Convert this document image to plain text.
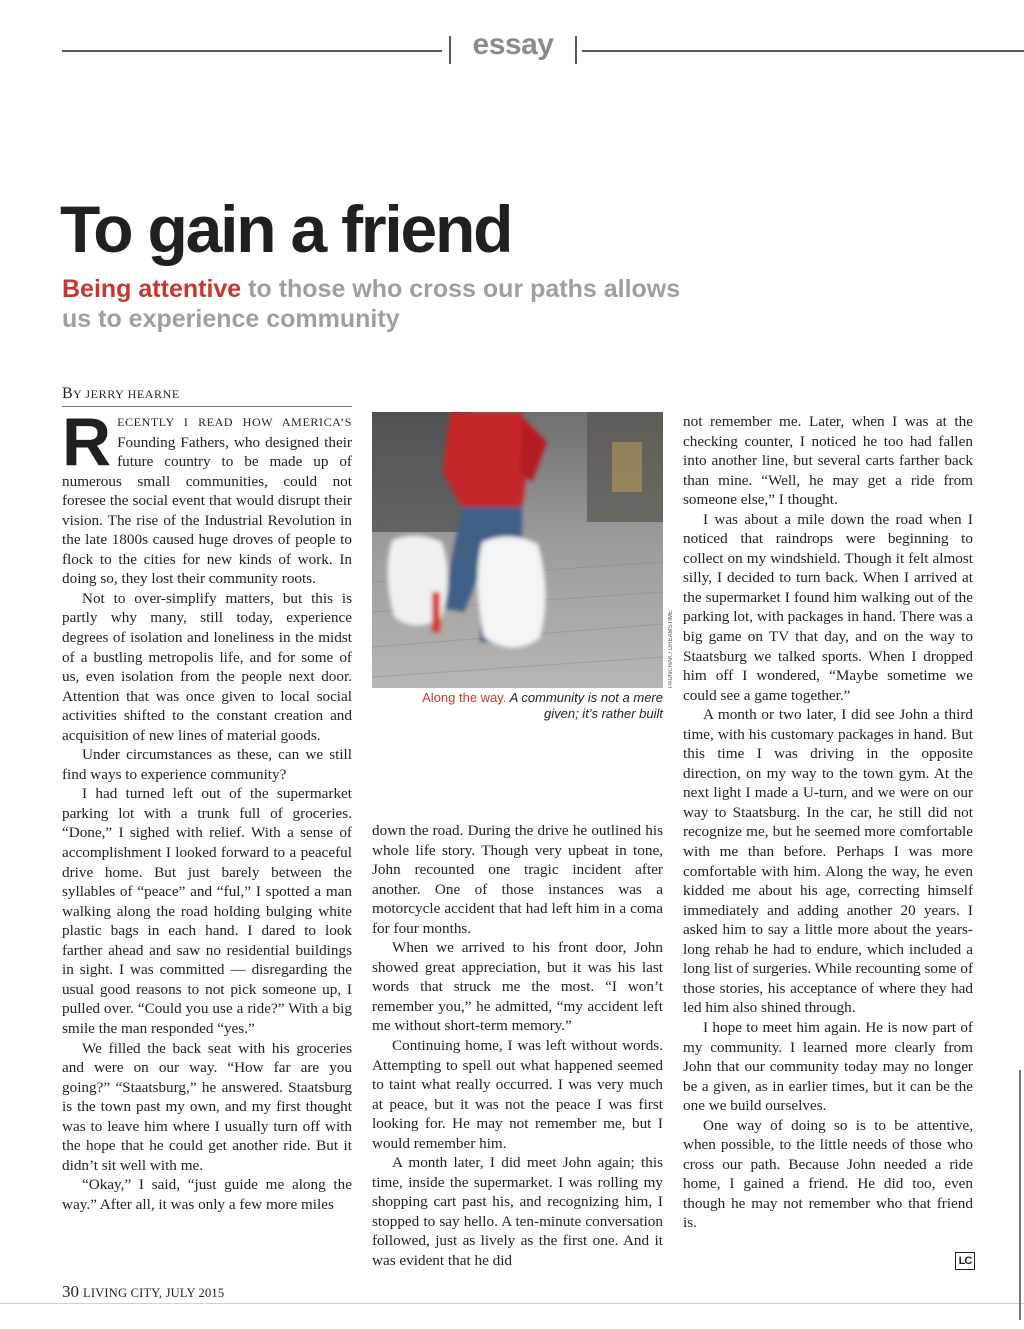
essay
To gain a friend
Being attentive to those who cross our paths allows us to experience community
BY JERRY HEARNE

RECENTLY I READ HOW AMERICA’S Founding Fathers, who designed their future country to be made up of numerous small communities, could not foresee the social event that would disrupt their vision. The rise of the Industrial Revolution in the late 1800s caused huge droves of people to flock to the cities for new kinds of work. In doing so, they lost their community roots.

Not to over-simplify matters, but this is partly why many, still today, experience degrees of isolation and loneliness in the midst of a bustling metropolis life, and for some of us, even isolation from the people next door. Attention that was once given to local social activities shifted to the constant creation and acquisition of new lines of material goods.

Under circumstances as these, can we still find ways to experience community?

I had turned left out of the supermarket parking lot with a trunk full of groceries. “Done,” I sighed with relief. With a sense of accomplishment I looked forward to a peaceful drive home. But just barely between the syllables of “peace” and “ful,” I spotted a man walking along the road holding bulging white plastic bags in each hand. I dared to look farther ahead and saw no residential buildings in sight. I was committed — disregarding the usual good reasons to not pick someone up, I pulled over. “Could you use a ride?” With a big smile the man responded “yes.”

We filled the back seat with his groceries and were on our way. “How far are you going?” “Staatsburg,” he answered. Staatsburg is the town past my own, and my first thought was to leave him where I usually turn off with the hope that he could get another ride. But it didn’t sit well with me.

“Okay,” I said, “just guide me along the way.” After all, it was only a few more miles

PAUNCHAK / DREAMSTIME
Along the way. A community is not a mere given; it’s rather built

down the road. During the drive he outlined his whole life story. Though very upbeat in tone, John recounted one tragic incident after another. One of those instances was a motorcycle accident that had left him in a coma for four months.

When we arrived to his front door, John showed great appreciation, but it was his last words that struck me the most. “I won’t remember you,” he admitted, “my accident left me without short-term memory.”

Continuing home, I was left without words. Attempting to spell out what happened seemed to taint what really occurred. I was very much at peace, but it was not the peace I was first looking for. He may not remember me, but I would remember him.

A month later, I did meet John again; this time, inside the supermarket. I was rolling my shopping cart past his, and recognizing him, I stopped to say hello. A ten-minute conversation followed, just as lively as the first one. And it was evident that he did

not remember me. Later, when I was at the checking counter, I noticed he too had fallen into another line, but several carts farther back than mine. “Well, he may get a ride from someone else,” I thought.

I was about a mile down the road when I noticed that raindrops were beginning to collect on my windshield. Though it felt almost silly, I decided to turn back. When I arrived at the supermarket I found him walking out of the parking lot, with packages in hand. There was a big game on TV that day, and on the way to Staatsburg we talked sports. When I dropped him off I wondered, “Maybe sometime we could see a game together.”

A month or two later, I did see John a third time, with his customary packages in hand. But this time I was driving in the opposite direction, on my way to the town gym. At the next light I made a U-turn, and we were on our way to Staatsburg. In the car, he still did not recognize me, but he seemed more comfortable with me than before. Perhaps I was more comfortable with him. Along the way, he even kidded me about his age, correcting himself immediately and adding another 20 years. I asked him to say a little more about the years-long rehab he had to endure, which included a long list of surgeries. While recounting some of those stories, his acceptance of where they had led him also shined through.

I hope to meet him again. He is now part of my community. I learned more clearly from John that our community today may no longer be a given, as in earlier times, but it can be the one we build ourselves.

One way of doing so is to be attentive, when possible, to the little needs of those who cross our path. Because John needed a ride home, I gained a friend. He did too, even though he may not remember who that friend is.

LC
30 LIVING CITY, JULY 2015
